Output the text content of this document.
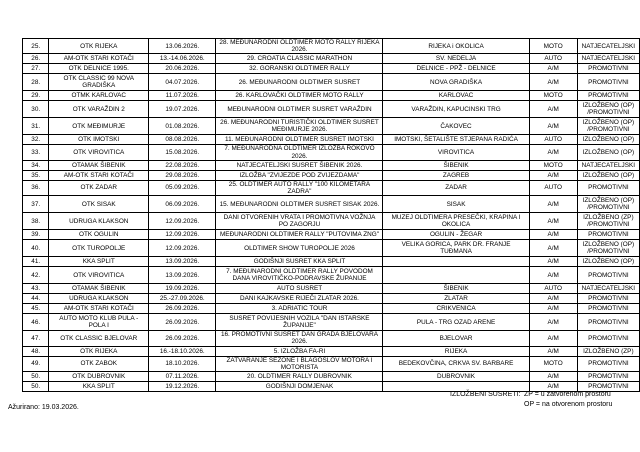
25.	OTK RIJEKA	13.06.2026.	28. MEĐUNARODNI OLDTIMER MOTO RALLY RIJEKA 2026.	RIJEKA i OKOLICA	MOTO	NATJECATELJSKI
26.	AM-OTK STARI KOTAČI	13.-14.06.2026.	29. CROATIA CLASSIC MARATHON	SV. NEDELJA	AUTO	NATJECATELJSKI
27.	OTK DELNICE 1995.	20.06.2026.	32. GORANSKI OLDTIMER RALLY	DELNICE - PPŽ - DELNICE	A/M	PROMOTIVNI
28.	OTK CLASSIC 99 NOVA GRADIŠKA	04.07.2026.	26. MEĐUNARODNI OLDTIMER SUSRET	NOVA GRADIŠKA	A/M	PROMOTIVNI
29.	OTMK KARLOVAC	11.07.2026.	26. KARLOVAČKI OLDTIMER MOTO RALLY	KARLOVAC	MOTO	PROMOTIVNI
30.	OTK VARAŽDIN 2	19.07.2026.	MEĐUNARODNI OLDTIMER SUSRET VARAŽDIN	VARAŽDIN, KAPUCINSKI TRG	A/M	IZLOŽBENO (OP) /PROMOTIVNI
31.	OTK MEĐIMURJE	01.08.2026.	26. MEĐUNARODNI TURISTIČKI OLDTIMER SUSRET MEĐIMURJE 2026.	ČAKOVEC	A/M	IZLOŽBENO (OP) /PROMOTIVNI
32.	OTK IMOTSKI	08.08.2026.	11. MEĐUNARODNI OLDTIMER SUSRET IMOTSKI	IMOTSKI, ŠETALIŠTE STJEPANA RADIĆA	AUTO	IZLOŽBENO (OP)
33.	OTK VIROVITICA	15.08.2026.	7. MEĐUNARODNA OLDTIMER IZLOŽBA ROKOVO 2026.	VIROVITICA	A/M	IZLOŽBENO (OP)
34.	OTAMAK ŠIBENIK	22.08.2026.	NATJECATELJSKI SUSRET ŠIBENIK 2026.	ŠIBENIK	MOTO	NATJECATELJSKI
35.	AM-OTK STARI KOTAČI	29.08.2026.	IZLOŽBA "ZVIJEZDE POD ZVIJEZDAMA"	ZAGREB	A/M	IZLOŽBENO (OP)
36.	OTK ZADAR	05.09.2026.	25. OLDTIMER AUTO RALLY "100 KILOMETARA ZADRA"	ZADAR	AUTO	PROMOTIVNI
37.	OTK SISAK	06.09.2026.	15. MEĐUNARODNI OLDTIMER SUSRET SISAK 2026.	SISAK	A/M	IZLOŽBENO (OP) /PROMOTIVNI
38.	UDRUGA KLAKSON	12.09.2026.	DANI OTVORENIH VRATA I PROMOTIVNA VOŽNJA PO ZAGORJU	MUZEJ OLDTIMERA PRESEČKI, KRAPINA I OKOLICA	A/M	IZLOŽBENO (ZP) /PROMOTIVNI
39.	OTK OGULIN	12.09.2026.	MEĐUNARODNI OLDTIMER RALLY "PUTOVIMA ZNG"	OGULIN - ŽEGAR	A/M	PROMOTIVNI
40.	OTK TUROPOLJE	12.09.2026.	OLDTIMER SHOW TUROPOLJE 2026	VELIKA GORICA, PARK DR. FRANJE TUĐMANA	A/M	IZLOŽBENO (OP) /PROMOTIVNI
41.	KKA SPLIT	13.09.2026.	GODIŠNJI SUSRET KKA SPLIT		A/M	IZLOŽBENO (OP)
42.	OTK VIROVITICA	13.09.2026.	7. MEĐUNARODNI OLDTIMER RALLY POVODOM DANA VIROVITIČKO-PODRAVSKE ŽUPANIJE		A/M	PROMOTIVNI
43.	OTAMAK ŠIBENIK	19.09.2026.	AUTO SUSRET	ŠIBENIK	AUTO	NATJECATELJSKI
44.	UDRUGA KLAKSON	25.-27.09.2026.	DANI KAJKAVSKE RIJEČI ZLATAR 2026.	ZLATAR	A/M	PROMOTIVNI
45.	AM-OTK STARI KOTAČI	26.09.2026.	3. ADRIATIC TOUR	CRIKVENICA	A/M	PROMOTIVNI
46.	AUTO MOTO KLUB PULA - POLA I	26.09.2026.	SUSRET POVIJESNIH VOZILA "DAN ISTARSKE ŽUPANIJE"	PULA - TRG OZAD ARENE	A/M	PROMOTIVNI
47.	OTK CLASSIC BJELOVAR	26.09.2026.	16. PROMOTIVNI SUSRET DAN GRADA BJELOVARA 2026.	BJELOVAR	A/M	PROMOTIVNI
48.	OTK RIJEKA	16.-18.10.2026.	5. IZLOŽBA FA-RI	RIJEKA	A/M	IZLOŽBENO (ZP)
49.	OTK ZABOK	18.10.2026.	ZATVARANJE SEZONE I BLAGOSLOV MOTORA I MOTORISTA	BEDEKOVČINA, CRKVA SV. BARBARE	MOTO	PROMOTIVNI
50.	OTK DUBROVNIK	07.11.2026.	20. OLDTIMER RALLY DUBROVNIK	DUBROVNIK	A/M	PROMOTIVNI
50.	KKA SPLIT	19.12.2026.	GODIŠNJI DOMJENAK		A/M	PROMOTIVNI
IZLOŽBENI SUSRETI: ZP = u zatvorenom prostoru
OP = na otvorenom prostoru
Ažurirano: 19.03.2026.
